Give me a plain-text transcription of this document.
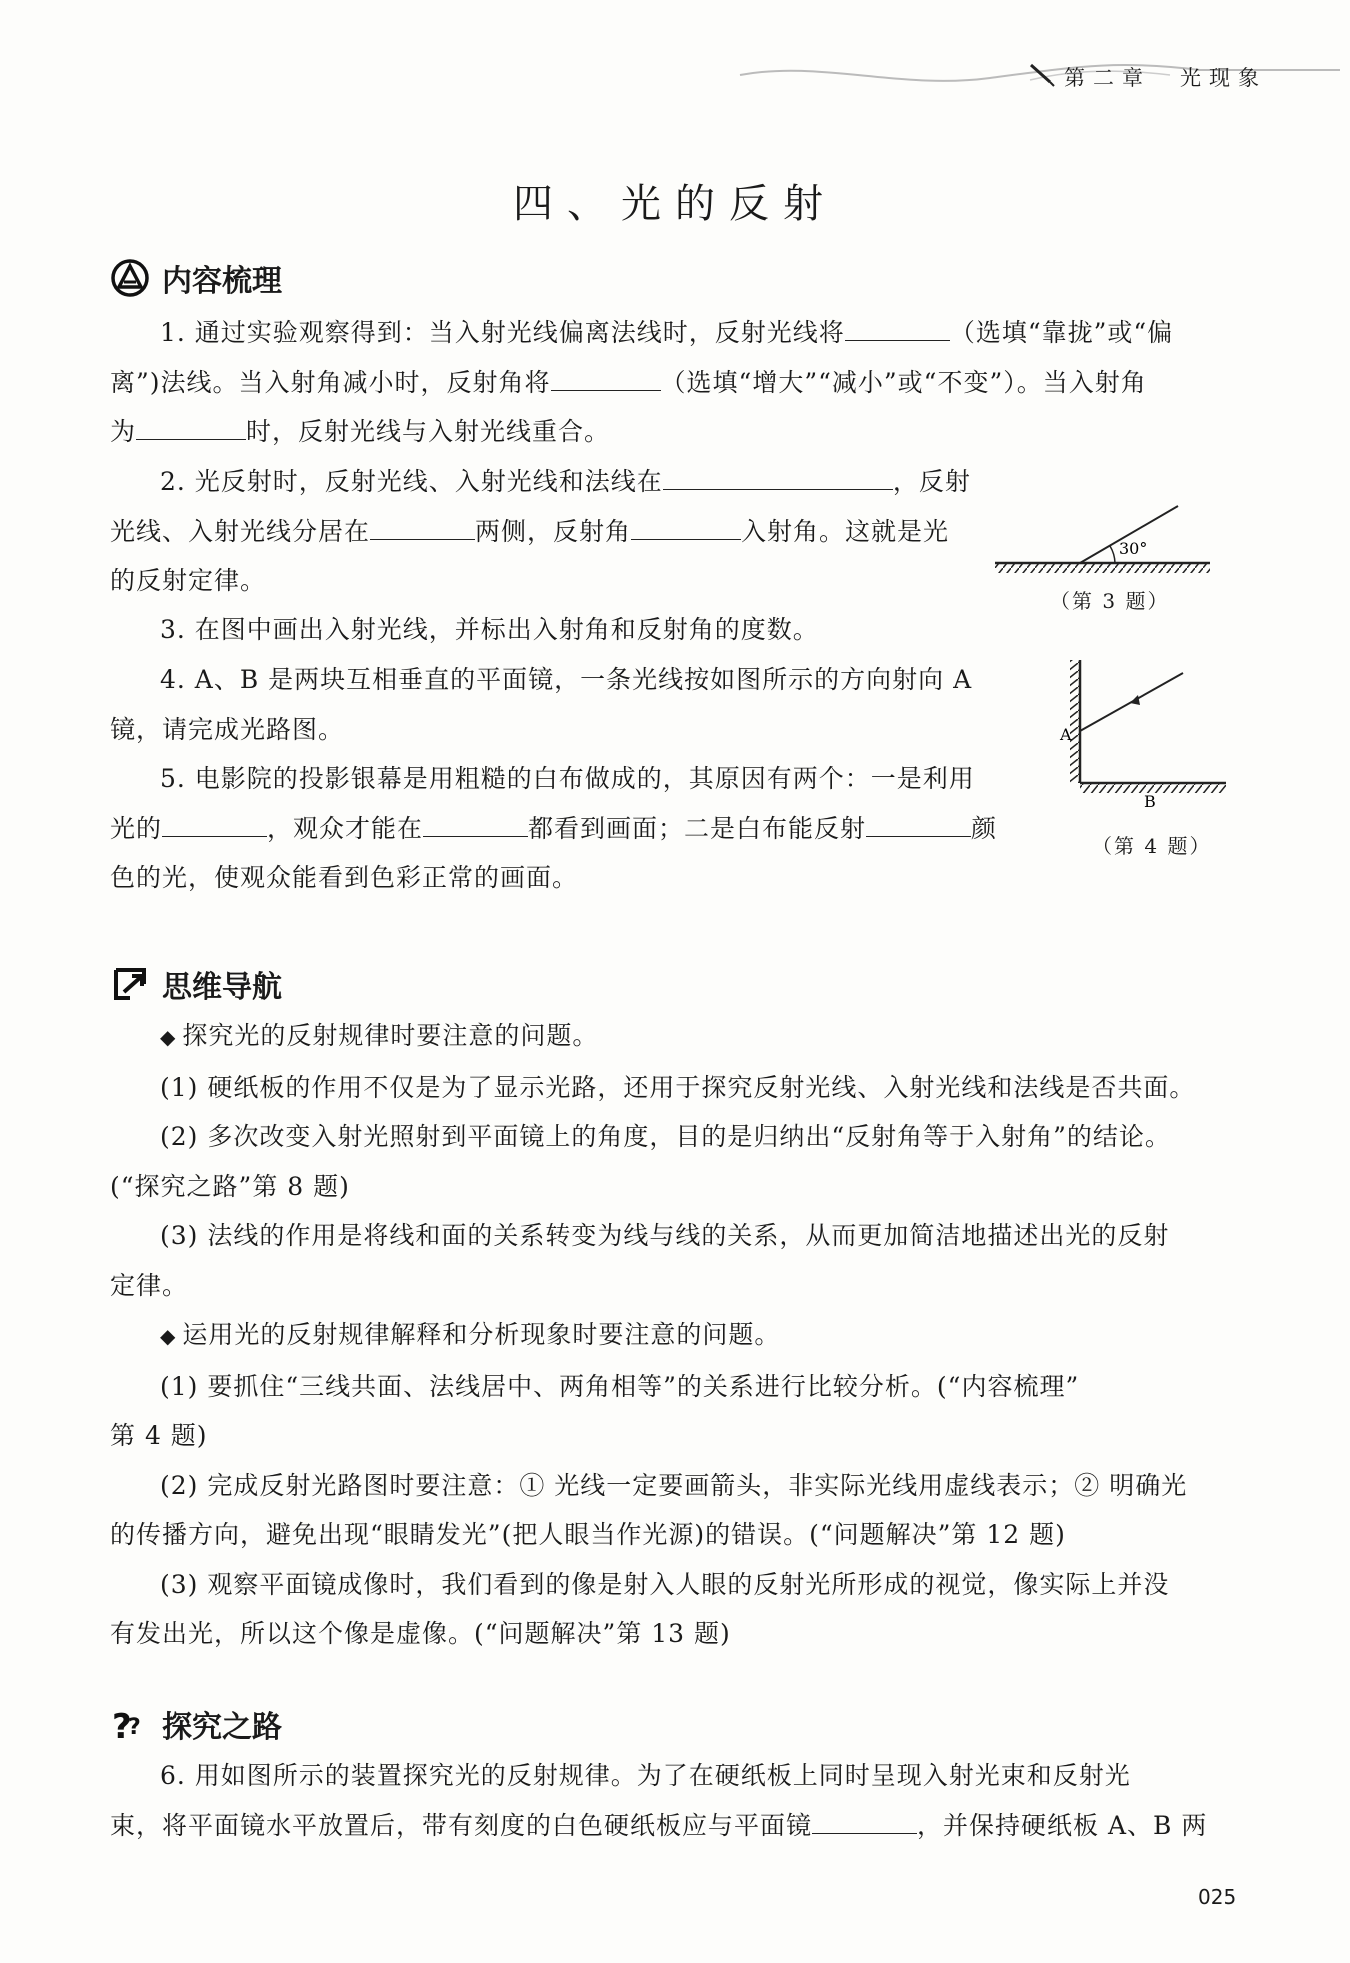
第二章　光现象
四、光的反射
内容梳理

1. 通过实验观察得到：当入射光线偏离法线时，反射光线将	（选填“靠拢”或“偏

离”)法线。当入射角减小时，反射角将	（选填“增大”“减小”或“不变”）。当入射角

为	时，反射光线与入射光线重合。

2. 光反射时，反射光线、入射光线和法线在	，反射

光线、入射光线分居在	两侧，反射角	入射角。这就是光

的反射定律。

3. 在图中画出入射光线，并标出入射角和反射角的度数。

4. A、B 是两块互相垂直的平面镜，一条光线按如图所示的方向射向 A

镜，请完成光路图。

5. 电影院的投影银幕是用粗糙的白布做成的，其原因有两个：一是利用

光的	，观众才能在	都看到画面；二是白布能反射	颜

色的光，使观众能看到色彩正常的画面。

30°
（第 3 题）
A
B
（第 4 题）
思维导航

◆ 探究光的反射规律时要注意的问题。

(1) 硬纸板的作用不仅是为了显示光路，还用于探究反射光线、入射光线和法线是否共面。

(2) 多次改变入射光照射到平面镜上的角度，目的是归纳出“反射角等于入射角”的结论。

(“探究之路”第 8 题)

(3) 法线的作用是将线和面的关系转变为线与线的关系，从而更加简洁地描述出光的反射

定律。

◆ 运用光的反射规律解释和分析现象时要注意的问题。

(1) 要抓住“三线共面、法线居中、两角相等”的关系进行比较分析。(“内容梳理”

第 4 题)

(2) 完成反射光路图时要注意：① 光线一定要画箭头，非实际光线用虚线表示；② 明确光

的传播方向，避免出现“眼睛发光”(把人眼当作光源)的错误。(“问题解决”第 12 题)

(3) 观察平面镜成像时，我们看到的像是射入人眼的反射光所形成的视觉，像实际上并没

有发出光，所以这个像是虚像。(“问题解决”第 13 题)

?
? 探究之路

6. 用如图所示的装置探究光的反射规律。为了在硬纸板上同时呈现入射光束和反射光

束，将平面镜水平放置后，带有刻度的白色硬纸板应与平面镜	，并保持硬纸板 A、B 两

025
